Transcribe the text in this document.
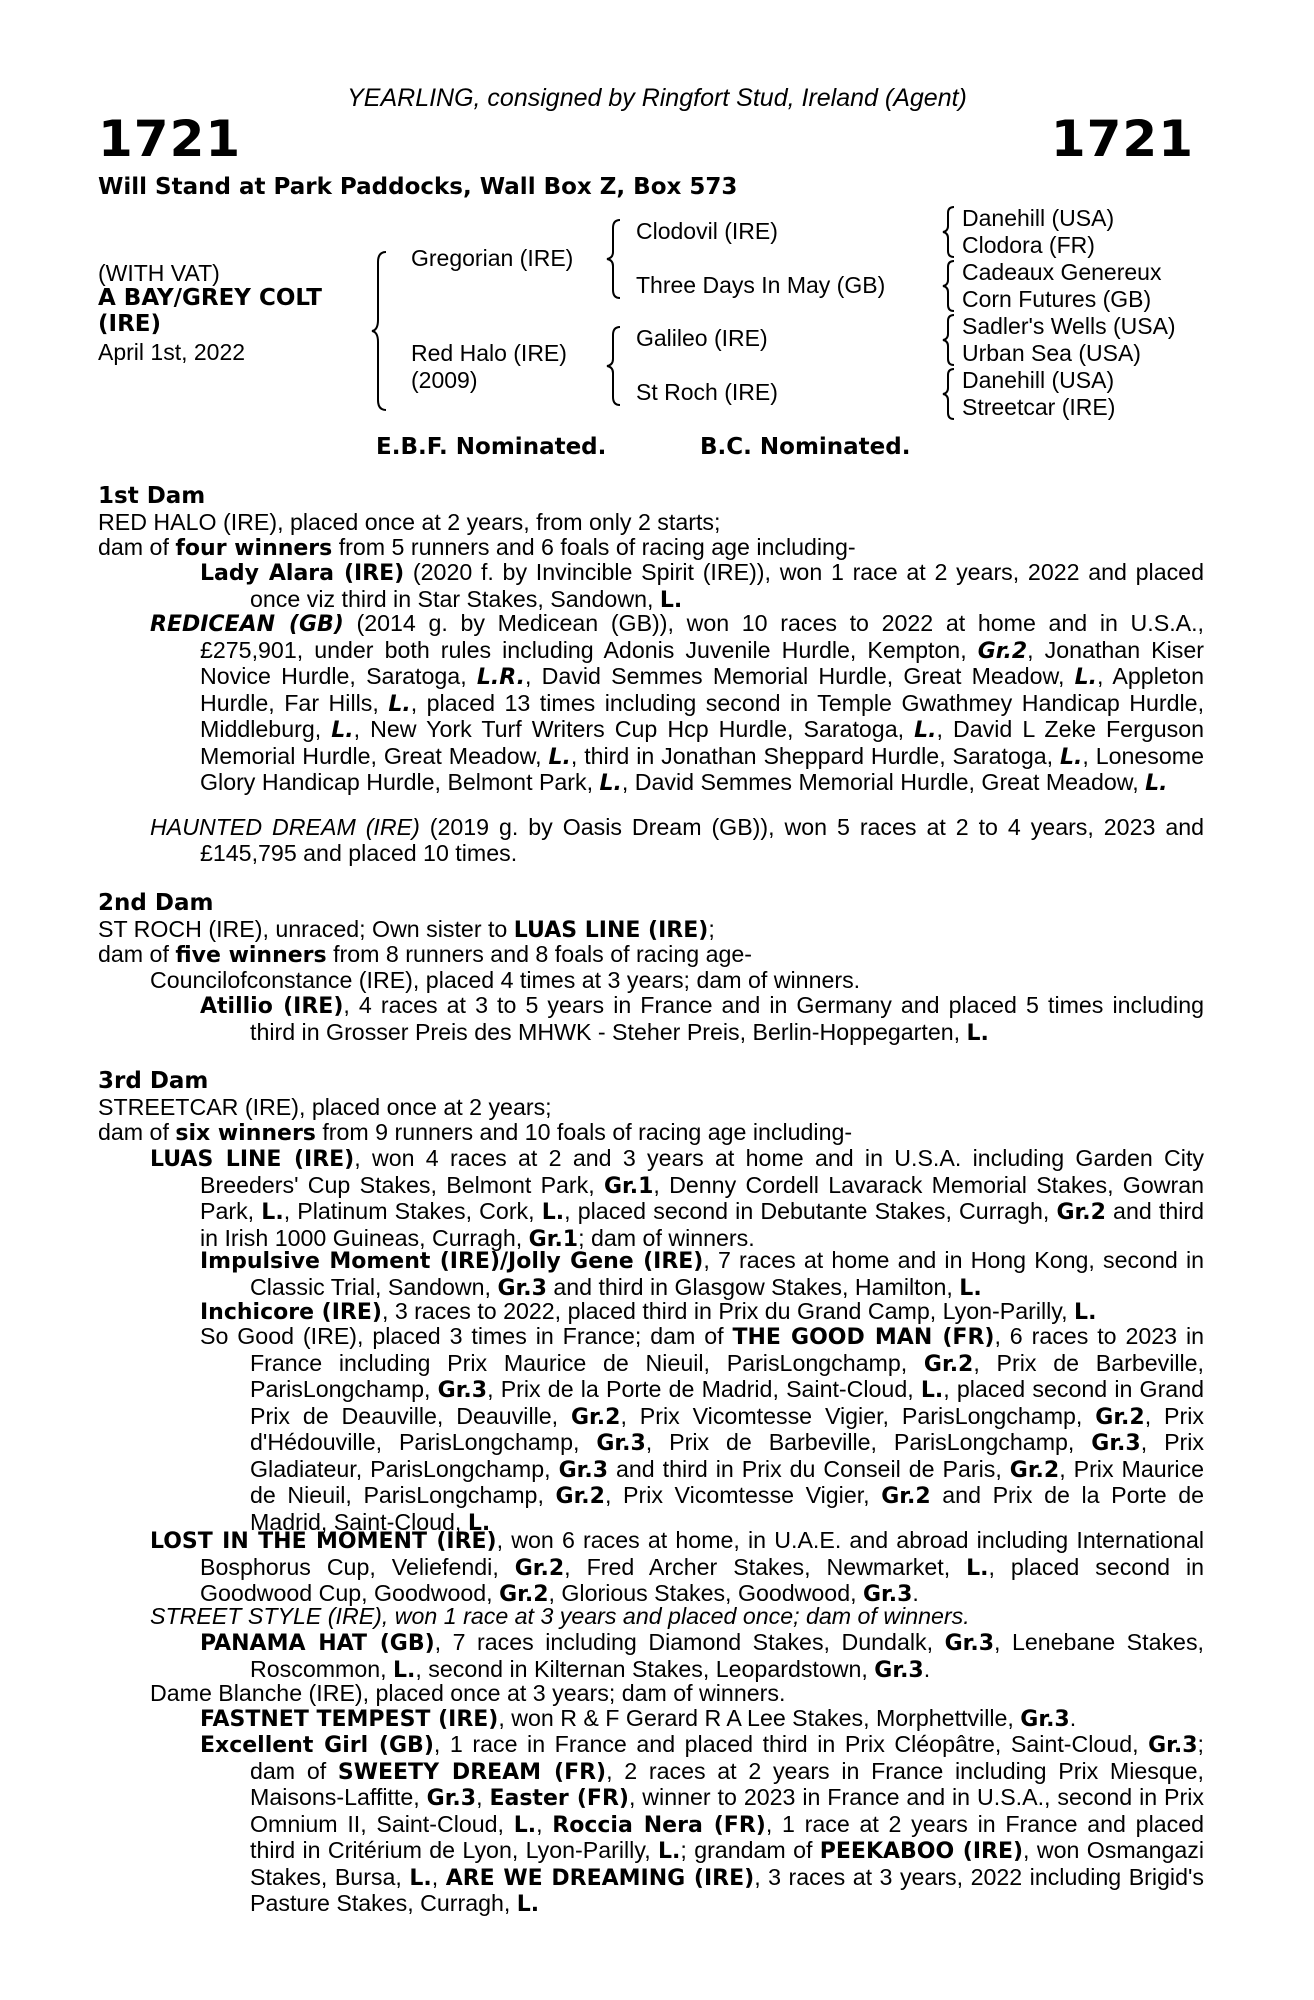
YEARLING, consigned by Ringfort Stud, Ireland (Agent)
1721	1721
Will Stand at Park Paddocks, Wall Box Z, Box 573
(WITH VAT)
A BAY/GREY COLT
(IRE)
April 1st, 2022
Gregorian (IRE)
Red Halo (IRE)
(2009)
Clodovil (IRE)
Three Days In May (GB)
Galileo (IRE)
St Roch (IRE)
Danehill (USA)
Clodora (FR)
Cadeaux Genereux
Corn Futures (GB)
Sadler's Wells (USA)
Urban Sea (USA)
Danehill (USA)
Streetcar (IRE)
E.B.F. Nominated.	B.C. Nominated.
1st Dam
RED HALO (IRE), placed once at 2 years, from only 2 starts;
dam of four winners from 5 runners and 6 foals of racing age including-
Lady Alara (IRE) (2020 f. by Invincible Spirit (IRE)), won 1 race at 2 years, 2022 and placed once viz third in Star Stakes, Sandown, L.
REDICEAN (GB) (2014 g. by Medicean (GB)), won 10 races to 2022 at home and in U.S.A., £275,901, under both rules including Adonis Juvenile Hurdle, Kempton, Gr.2, Jonathan Kiser Novice Hurdle, Saratoga, L.R., David Semmes Memorial Hurdle, Great Meadow, L., Appleton Hurdle, Far Hills, L., placed 13 times including second in Temple Gwathmey Handicap Hurdle, Middleburg, L., New York Turf Writers Cup Hcp Hurdle, Saratoga, L., David L Zeke Ferguson Memorial Hurdle, Great Meadow, L., third in Jonathan Sheppard Hurdle, Saratoga, L., Lonesome Glory Handicap Hurdle, Belmont Park, L., David Semmes Memorial Hurdle, Great Meadow, L.
HAUNTED DREAM (IRE) (2019 g. by Oasis Dream (GB)), won 5 races at 2 to 4 years, 2023 and £145,795 and placed 10 times.
2nd Dam
ST ROCH (IRE), unraced; Own sister to LUAS LINE (IRE);
dam of five winners from 8 runners and 8 foals of racing age-
Councilofconstance (IRE), placed 4 times at 3 years; dam of winners.
Atillio (IRE), 4 races at 3 to 5 years in France and in Germany and placed 5 times including third in Grosser Preis des MHWK - Steher Preis, Berlin-Hoppegarten, L.
3rd Dam
STREETCAR (IRE), placed once at 2 years;
dam of six winners from 9 runners and 10 foals of racing age including-
LUAS LINE (IRE), won 4 races at 2 and 3 years at home and in U.S.A. including Garden City Breeders' Cup Stakes, Belmont Park, Gr.1, Denny Cordell Lavarack Memorial Stakes, Gowran Park, L., Platinum Stakes, Cork, L., placed second in Debutante Stakes, Curragh, Gr.2 and third in Irish 1000 Guineas, Curragh, Gr.1; dam of winners.
Impulsive Moment (IRE)/Jolly Gene (IRE), 7 races at home and in Hong Kong, second in Classic Trial, Sandown, Gr.3 and third in Glasgow Stakes, Hamilton, L.
Inchicore (IRE), 3 races to 2022, placed third in Prix du Grand Camp, Lyon-Parilly, L.
So Good (IRE), placed 3 times in France; dam of THE GOOD MAN (FR), 6 races to 2023 in France including Prix Maurice de Nieuil, ParisLongchamp, Gr.2, Prix de Barbeville, ParisLongchamp, Gr.3, Prix de la Porte de Madrid, Saint-Cloud, L., placed second in Grand Prix de Deauville, Deauville, Gr.2, Prix Vicomtesse Vigier, ParisLongchamp, Gr.2, Prix d'Hédouville, ParisLongchamp, Gr.3, Prix de Barbeville, ParisLongchamp, Gr.3, Prix Gladiateur, ParisLongchamp, Gr.3 and third in Prix du Conseil de Paris, Gr.2, Prix Maurice de Nieuil, ParisLongchamp, Gr.2, Prix Vicomtesse Vigier, Gr.2 and Prix de la Porte de Madrid, Saint-Cloud, L.
LOST IN THE MOMENT (IRE), won 6 races at home, in U.A.E. and abroad including International Bosphorus Cup, Veliefendi, Gr.2, Fred Archer Stakes, Newmarket, L., placed second in Goodwood Cup, Goodwood, Gr.2, Glorious Stakes, Goodwood, Gr.3.
STREET STYLE (IRE), won 1 race at 3 years and placed once; dam of winners.
PANAMA HAT (GB), 7 races including Diamond Stakes, Dundalk, Gr.3, Lenebane Stakes, Roscommon, L., second in Kilternan Stakes, Leopardstown, Gr.3.
Dame Blanche (IRE), placed once at 3 years; dam of winners.
FASTNET TEMPEST (IRE), won R & F Gerard R A Lee Stakes, Morphettville, Gr.3.
Excellent Girl (GB), 1 race in France and placed third in Prix Cléopâtre, Saint-Cloud, Gr.3; dam of SWEETY DREAM (FR), 2 races at 2 years in France including Prix Miesque, Maisons-Laffitte, Gr.3, Easter (FR), winner to 2023 in France and in U.S.A., second in Prix Omnium II, Saint-Cloud, L., Roccia Nera (FR), 1 race at 2 years in France and placed third in Critérium de Lyon, Lyon-Parilly, L.; grandam of PEEKABOO (IRE), won Osmangazi Stakes, Bursa, L., ARE WE DREAMING (IRE), 3 races at 3 years, 2022 including Brigid's Pasture Stakes, Curragh, L.
